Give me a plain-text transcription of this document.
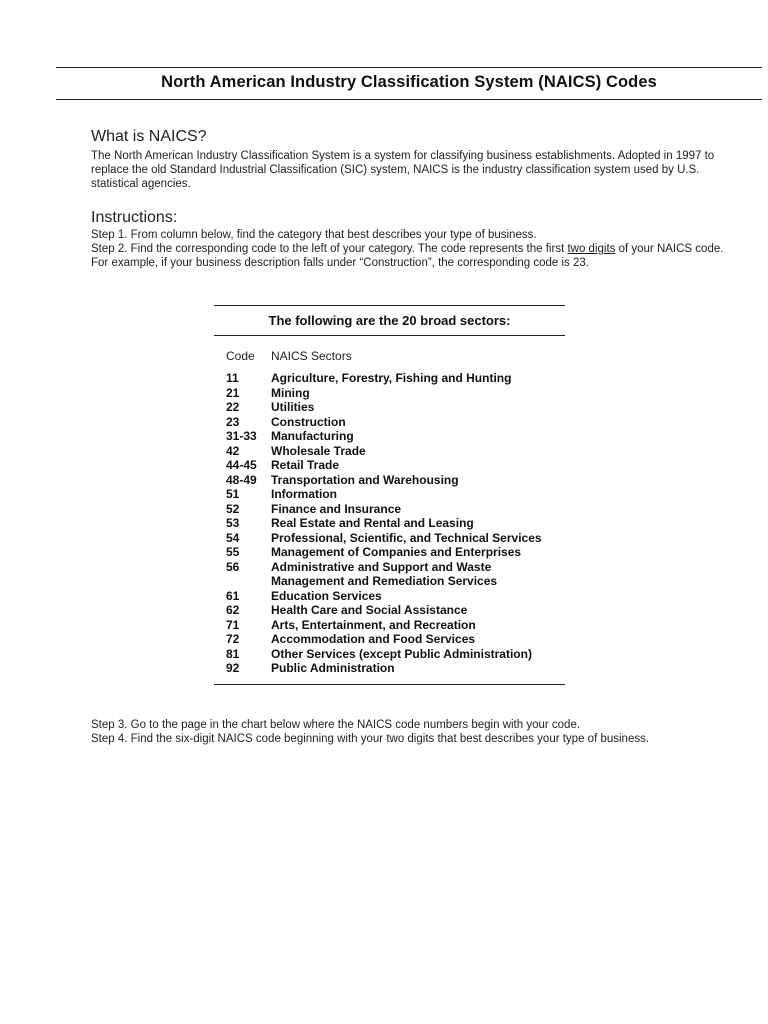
North American Industry Classification System (NAICS) Codes
What is NAICS?
The North American Industry Classification System is a system for classifying business establishments. Adopted in 1997 to replace the old Standard Industrial Classification (SIC) system, NAICS is the industry classification system used by U.S. statistical agencies.
Instructions:
Step 1. From column below, find the category that best describes your type of business.
Step 2. Find the corresponding code to the left of your category. The code represents the first two digits of your NAICS code. For example, if your business description falls under “Construction”, the corresponding code is 23.
The following are the 20 broad sectors:
Code NAICS Sectors
11	Agriculture, Forestry, Fishing and Hunting
21	Mining
22	Utilities
23	Construction
31-33 Manufacturing
42	Wholesale Trade
44-45 Retail Trade
48-49 Transportation and Warehousing
51	Information
52	Finance and Insurance
53	Real Estate and Rental and Leasing
54	Professional, Scientific, and Technical Services
55	Management of Companies and Enterprises
56	Administrative and Support and Waste Management and Remediation Services
61	Education Services
62	Health Care and Social Assistance
71	Arts, Entertainment, and Recreation
72	Accommodation and Food Services
81	Other Services (except Public Administration)
92	Public Administration
Step 3. Go to the page in the chart below where the NAICS code numbers begin with your code.
Step 4. Find the six-digit NAICS code beginning with your two digits that best describes your type of business.
